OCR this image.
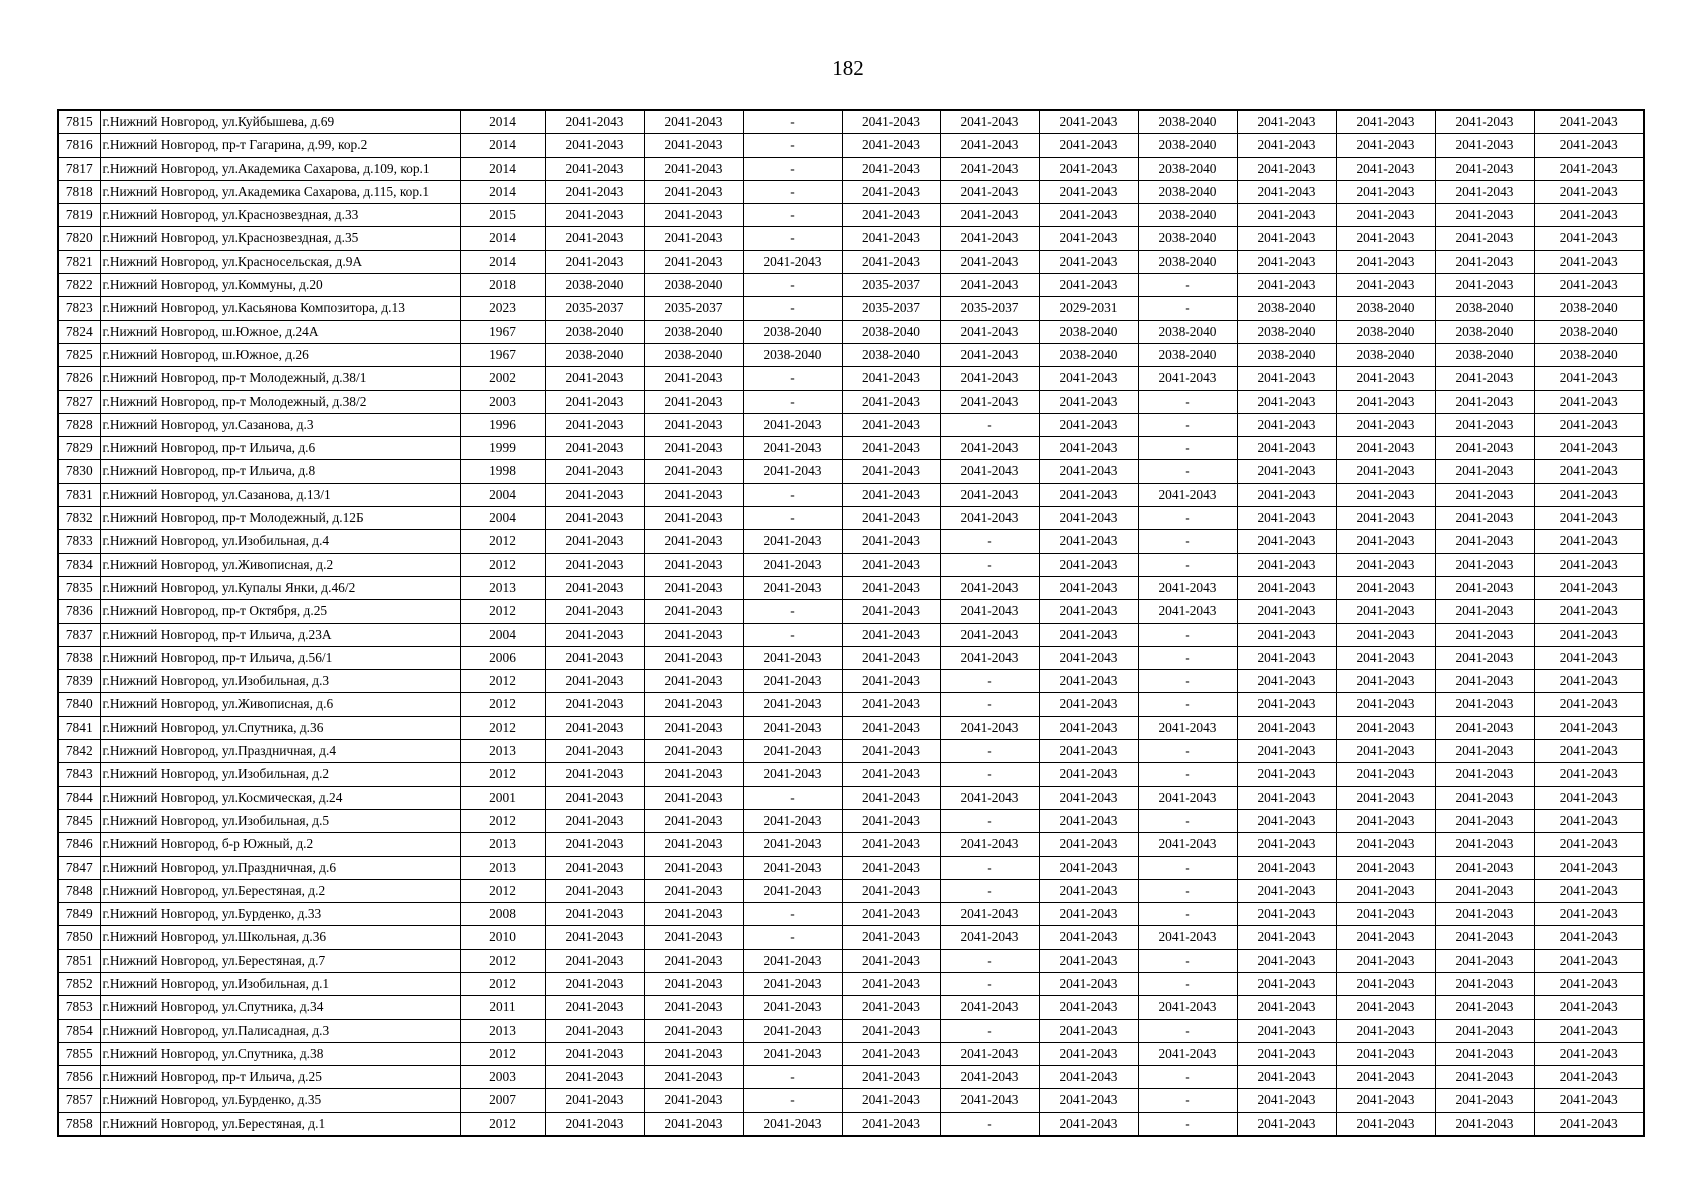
182
7815	г.Нижний Новгород, ул.Куйбышева, д.69	2014	2041-2043	2041-2043	-	2041-2043	2041-2043	2041-2043	2038-2040	2041-2043	2041-2043	2041-2043	2041-2043
7816	г.Нижний Новгород, пр-т Гагарина, д.99, кор.2	2014	2041-2043	2041-2043	-	2041-2043	2041-2043	2041-2043	2038-2040	2041-2043	2041-2043	2041-2043	2041-2043
7817	г.Нижний Новгород, ул.Академика Сахарова, д.109, кор.1	2014	2041-2043	2041-2043	-	2041-2043	2041-2043	2041-2043	2038-2040	2041-2043	2041-2043	2041-2043	2041-2043
7818	г.Нижний Новгород, ул.Академика Сахарова, д.115, кор.1	2014	2041-2043	2041-2043	-	2041-2043	2041-2043	2041-2043	2038-2040	2041-2043	2041-2043	2041-2043	2041-2043
7819	г.Нижний Новгород, ул.Краснозвездная, д.33	2015	2041-2043	2041-2043	-	2041-2043	2041-2043	2041-2043	2038-2040	2041-2043	2041-2043	2041-2043	2041-2043
7820	г.Нижний Новгород, ул.Краснозвездная, д.35	2014	2041-2043	2041-2043	-	2041-2043	2041-2043	2041-2043	2038-2040	2041-2043	2041-2043	2041-2043	2041-2043
7821	г.Нижний Новгород, ул.Красносельская, д.9А	2014	2041-2043	2041-2043	2041-2043	2041-2043	2041-2043	2041-2043	2038-2040	2041-2043	2041-2043	2041-2043	2041-2043
7822	г.Нижний Новгород, ул.Коммуны, д.20	2018	2038-2040	2038-2040	-	2035-2037	2041-2043	2041-2043	-	2041-2043	2041-2043	2041-2043	2041-2043
7823	г.Нижний Новгород, ул.Касьянова Композитора, д.13	2023	2035-2037	2035-2037	-	2035-2037	2035-2037	2029-2031	-	2038-2040	2038-2040	2038-2040	2038-2040
7824	г.Нижний Новгород, ш.Южное, д.24А	1967	2038-2040	2038-2040	2038-2040	2038-2040	2041-2043	2038-2040	2038-2040	2038-2040	2038-2040	2038-2040	2038-2040
7825	г.Нижний Новгород, ш.Южное, д.26	1967	2038-2040	2038-2040	2038-2040	2038-2040	2041-2043	2038-2040	2038-2040	2038-2040	2038-2040	2038-2040	2038-2040
7826	г.Нижний Новгород, пр-т Молодежный, д.38/1	2002	2041-2043	2041-2043	-	2041-2043	2041-2043	2041-2043	2041-2043	2041-2043	2041-2043	2041-2043	2041-2043
7827	г.Нижний Новгород, пр-т Молодежный, д.38/2	2003	2041-2043	2041-2043	-	2041-2043	2041-2043	2041-2043	-	2041-2043	2041-2043	2041-2043	2041-2043
7828	г.Нижний Новгород, ул.Сазанова, д.3	1996	2041-2043	2041-2043	2041-2043	2041-2043	-	2041-2043	-	2041-2043	2041-2043	2041-2043	2041-2043
7829	г.Нижний Новгород, пр-т Ильича, д.6	1999	2041-2043	2041-2043	2041-2043	2041-2043	2041-2043	2041-2043	-	2041-2043	2041-2043	2041-2043	2041-2043
7830	г.Нижний Новгород, пр-т Ильича, д.8	1998	2041-2043	2041-2043	2041-2043	2041-2043	2041-2043	2041-2043	-	2041-2043	2041-2043	2041-2043	2041-2043
7831	г.Нижний Новгород, ул.Сазанова, д.13/1	2004	2041-2043	2041-2043	-	2041-2043	2041-2043	2041-2043	2041-2043	2041-2043	2041-2043	2041-2043	2041-2043
7832	г.Нижний Новгород, пр-т Молодежный, д.12Б	2004	2041-2043	2041-2043	-	2041-2043	2041-2043	2041-2043	-	2041-2043	2041-2043	2041-2043	2041-2043
7833	г.Нижний Новгород, ул.Изобильная, д.4	2012	2041-2043	2041-2043	2041-2043	2041-2043	-	2041-2043	-	2041-2043	2041-2043	2041-2043	2041-2043
7834	г.Нижний Новгород, ул.Живописная, д.2	2012	2041-2043	2041-2043	2041-2043	2041-2043	-	2041-2043	-	2041-2043	2041-2043	2041-2043	2041-2043
7835	г.Нижний Новгород, ул.Купалы Янки, д.46/2	2013	2041-2043	2041-2043	2041-2043	2041-2043	2041-2043	2041-2043	2041-2043	2041-2043	2041-2043	2041-2043	2041-2043
7836	г.Нижний Новгород, пр-т Октября, д.25	2012	2041-2043	2041-2043	-	2041-2043	2041-2043	2041-2043	2041-2043	2041-2043	2041-2043	2041-2043	2041-2043
7837	г.Нижний Новгород, пр-т Ильича, д.23А	2004	2041-2043	2041-2043	-	2041-2043	2041-2043	2041-2043	-	2041-2043	2041-2043	2041-2043	2041-2043
7838	г.Нижний Новгород, пр-т Ильича, д.56/1	2006	2041-2043	2041-2043	2041-2043	2041-2043	2041-2043	2041-2043	-	2041-2043	2041-2043	2041-2043	2041-2043
7839	г.Нижний Новгород, ул.Изобильная, д.3	2012	2041-2043	2041-2043	2041-2043	2041-2043	-	2041-2043	-	2041-2043	2041-2043	2041-2043	2041-2043
7840	г.Нижний Новгород, ул.Живописная, д.6	2012	2041-2043	2041-2043	2041-2043	2041-2043	-	2041-2043	-	2041-2043	2041-2043	2041-2043	2041-2043
7841	г.Нижний Новгород, ул.Спутника, д.36	2012	2041-2043	2041-2043	2041-2043	2041-2043	2041-2043	2041-2043	2041-2043	2041-2043	2041-2043	2041-2043	2041-2043
7842	г.Нижний Новгород, ул.Праздничная, д.4	2013	2041-2043	2041-2043	2041-2043	2041-2043	-	2041-2043	-	2041-2043	2041-2043	2041-2043	2041-2043
7843	г.Нижний Новгород, ул.Изобильная, д.2	2012	2041-2043	2041-2043	2041-2043	2041-2043	-	2041-2043	-	2041-2043	2041-2043	2041-2043	2041-2043
7844	г.Нижний Новгород, ул.Космическая, д.24	2001	2041-2043	2041-2043	-	2041-2043	2041-2043	2041-2043	2041-2043	2041-2043	2041-2043	2041-2043	2041-2043
7845	г.Нижний Новгород, ул.Изобильная, д.5	2012	2041-2043	2041-2043	2041-2043	2041-2043	-	2041-2043	-	2041-2043	2041-2043	2041-2043	2041-2043
7846	г.Нижний Новгород, б-р Южный, д.2	2013	2041-2043	2041-2043	2041-2043	2041-2043	2041-2043	2041-2043	2041-2043	2041-2043	2041-2043	2041-2043	2041-2043
7847	г.Нижний Новгород, ул.Праздничная, д.6	2013	2041-2043	2041-2043	2041-2043	2041-2043	-	2041-2043	-	2041-2043	2041-2043	2041-2043	2041-2043
7848	г.Нижний Новгород, ул.Берестяная, д.2	2012	2041-2043	2041-2043	2041-2043	2041-2043	-	2041-2043	-	2041-2043	2041-2043	2041-2043	2041-2043
7849	г.Нижний Новгород, ул.Бурденко, д.33	2008	2041-2043	2041-2043	-	2041-2043	2041-2043	2041-2043	-	2041-2043	2041-2043	2041-2043	2041-2043
7850	г.Нижний Новгород, ул.Школьная, д.36	2010	2041-2043	2041-2043	-	2041-2043	2041-2043	2041-2043	2041-2043	2041-2043	2041-2043	2041-2043	2041-2043
7851	г.Нижний Новгород, ул.Берестяная, д.7	2012	2041-2043	2041-2043	2041-2043	2041-2043	-	2041-2043	-	2041-2043	2041-2043	2041-2043	2041-2043
7852	г.Нижний Новгород, ул.Изобильная, д.1	2012	2041-2043	2041-2043	2041-2043	2041-2043	-	2041-2043	-	2041-2043	2041-2043	2041-2043	2041-2043
7853	г.Нижний Новгород, ул.Спутника, д.34	2011	2041-2043	2041-2043	2041-2043	2041-2043	2041-2043	2041-2043	2041-2043	2041-2043	2041-2043	2041-2043	2041-2043
7854	г.Нижний Новгород, ул.Палисадная, д.3	2013	2041-2043	2041-2043	2041-2043	2041-2043	-	2041-2043	-	2041-2043	2041-2043	2041-2043	2041-2043
7855	г.Нижний Новгород, ул.Спутника, д.38	2012	2041-2043	2041-2043	2041-2043	2041-2043	2041-2043	2041-2043	2041-2043	2041-2043	2041-2043	2041-2043	2041-2043
7856	г.Нижний Новгород, пр-т Ильича, д.25	2003	2041-2043	2041-2043	-	2041-2043	2041-2043	2041-2043	-	2041-2043	2041-2043	2041-2043	2041-2043
7857	г.Нижний Новгород, ул.Бурденко, д.35	2007	2041-2043	2041-2043	-	2041-2043	2041-2043	2041-2043	-	2041-2043	2041-2043	2041-2043	2041-2043
7858	г.Нижний Новгород, ул.Берестяная, д.1	2012	2041-2043	2041-2043	2041-2043	2041-2043	-	2041-2043	-	2041-2043	2041-2043	2041-2043	2041-2043
